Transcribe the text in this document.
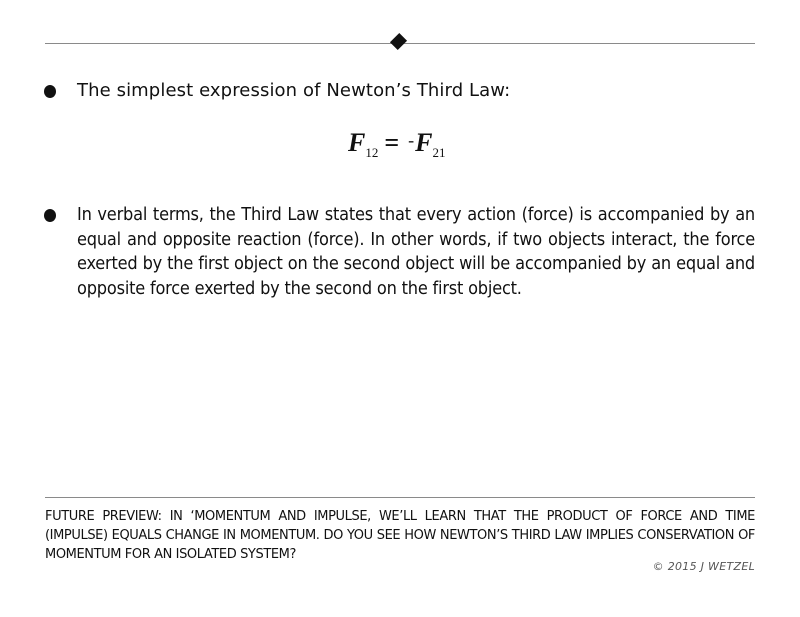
The simplest expression of Newton’s Third Law:
$F_{12} = -F_{21}$
In verbal terms, the Third Law states that every action (force) is accompanied by an equal and opposite reaction (force). In other words, if two objects interact, the force exerted by the first object on the second object will be accompanied by an equal and opposite force exerted by the second on the first object.
FUTURE PREVIEW: IN ‘MOMENTUM AND IMPULSE, WE’LL LEARN THAT THE PRODUCT OF FORCE AND TIME (IMPULSE) EQUALS CHANGE IN MOMENTUM. DO YOU SEE HOW NEWTON’S THIRD LAW IMPLIES CONSERVATION OF MOMENTUM FOR AN ISOLATED SYSTEM?
© 2015 J WETZEL
